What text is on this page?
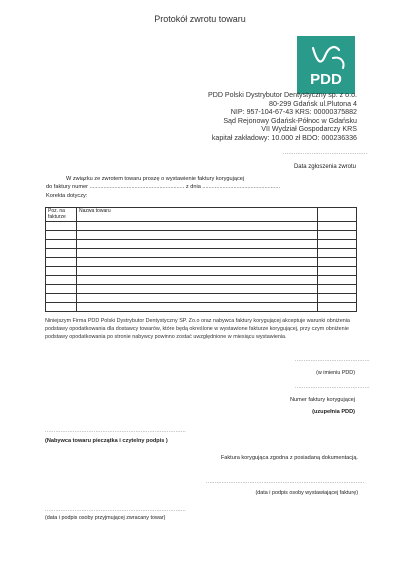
Protokół zwrotu towaru
PDD
PDD Polski Dystrybutor Dentystyczny sp. z o.o.
80-299 Gdańsk ul.Plutona 4
NIP: 957-104-67-43 KRS: 00000375882
Sąd Rejonowy Gdańsk-Północ w Gdańsku
VII Wydział Gospodarczy KRS
kapitał zakładowy: 10.000 zł BDO: 000236336
...............................................
Data zgłoszenia zwrotu
W związku ze zwrotem towaru proszę o wystawienie faktury korygującej
do faktury numer ............................................................. z dnia ..................................................
Korekta dotyczy:
Poz. na fakturze	Nazwa towaru	

Niniejszym Firma PDD Polski Dystrybutor Dentystyczny SP. Zo.o oraz nabywca faktury korygującej akceptuje warunki obniżenia podstawy opodatkowania dla dostawcy towarów, które będą określone w wystawione fakturze korygującej, przy czym obniżenie podstawy opodatkowania po stronie nabywcy powinno zostać uwzględnione w miesiącu wystawienia.
...........................................
(w imieniu PDD)
...........................................
Numer faktury korygującej
(uzupełnia PDD)
.................................................................................
(Nabywca towaru pieczątka i czytelny podpis )
Faktura korygująca zgodna z posiadaną dokumentacją.
...........................................................................................
(data i podpis osoby wystawiającej fakturę)
.................................................................................
(data i podpis osoby przyjmującej zwracany towar)
